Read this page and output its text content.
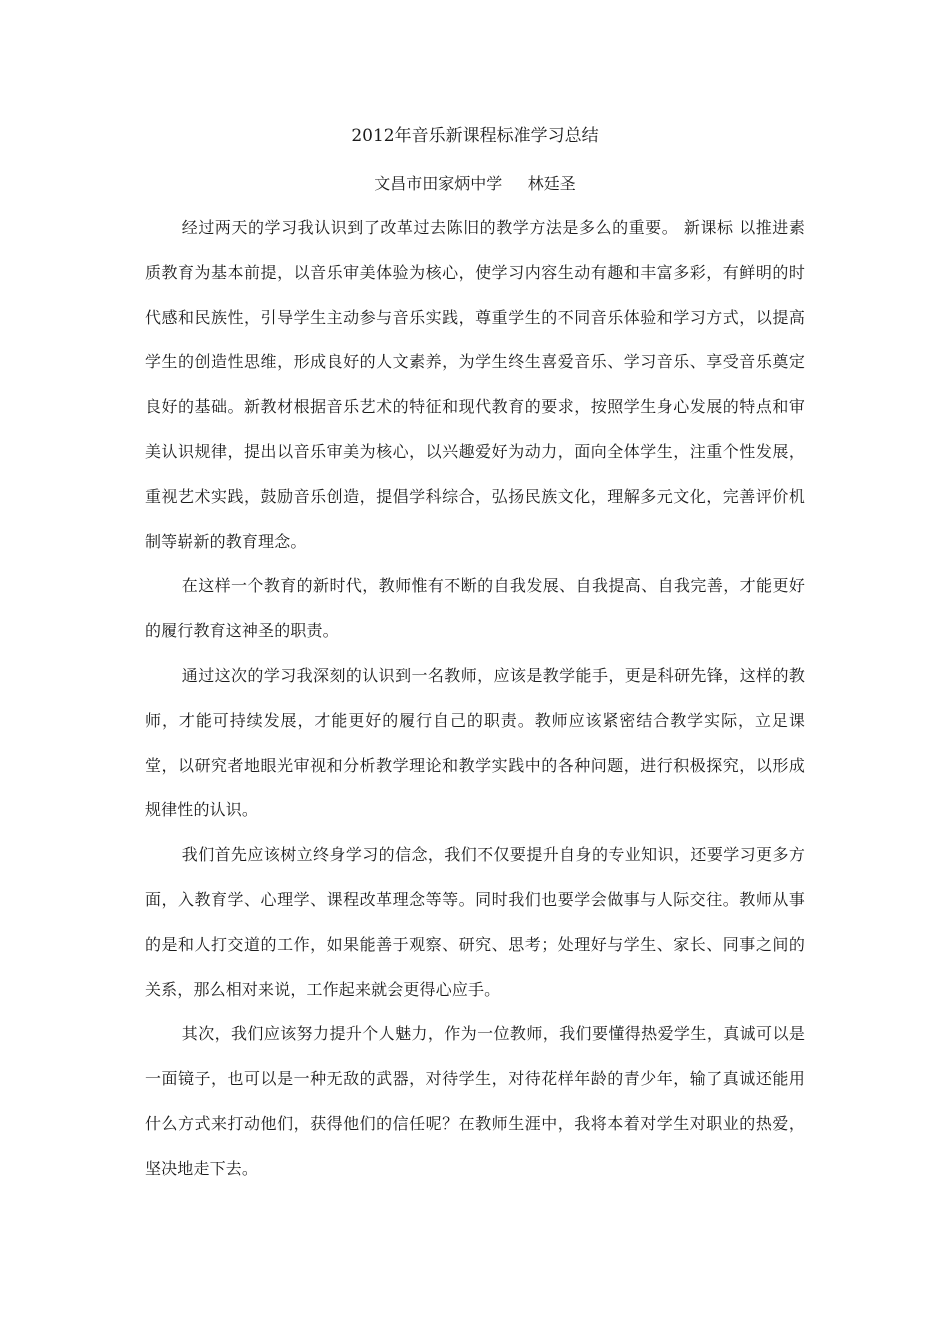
2012年音乐新课程标准学习总结

文昌市田家炳中学     林廷圣

经过两天的学习我认识到了改革过去陈旧的教学方法是多么的重要。 新课标 以推进素质教育为基本前提，以音乐审美体验为核心，使学习内容生动有趣和丰富多彩，有鲜明的时代感和民族性，引导学生主动参与音乐实践，尊重学生的不同音乐体验和学习方式，以提高学生的创造性思维，形成良好的人文素养，为学生终生喜爱音乐、学习音乐、享受音乐奠定良好的基础。新教材根据音乐艺术的特征和现代教育的要求，按照学生身心发展的特点和审美认识规律，提出以音乐审美为核心，以兴趣爱好为动力，面向全体学生，注重个性发展，重视艺术实践，鼓励音乐创造，提倡学科综合，弘扬民族文化，理解多元文化，完善评价机制等崭新的教育理念。

在这样一个教育的新时代，教师惟有不断的自我发展、自我提高、自我完善，才能更好的履行教育这神圣的职责。

通过这次的学习我深刻的认识到一名教师，应该是教学能手，更是科研先锋，这样的教师，才能可持续发展，才能更好的履行自己的职责。教师应该紧密结合教学实际，立足课堂，以研究者地眼光审视和分析教学理论和教学实践中的各种问题，进行积极探究，以形成规律性的认识。

我们首先应该树立终身学习的信念，我们不仅要提升自身的专业知识，还要学习更多方面，入教育学、心理学、课程改革理念等等。同时我们也要学会做事与人际交往。教师从事的是和人打交道的工作，如果能善于观察、研究、思考；处理好与学生、家长、同事之间的关系，那么相对来说，工作起来就会更得心应手。

其次，我们应该努力提升个人魅力，作为一位教师，我们要懂得热爱学生，真诚可以是一面镜子，也可以是一种无敌的武器，对待学生，对待花样年龄的青少年，输了真诚还能用什么方式来打动他们，获得他们的信任呢？在教师生涯中，我将本着对学生对职业的热爱，坚决地走下去。
